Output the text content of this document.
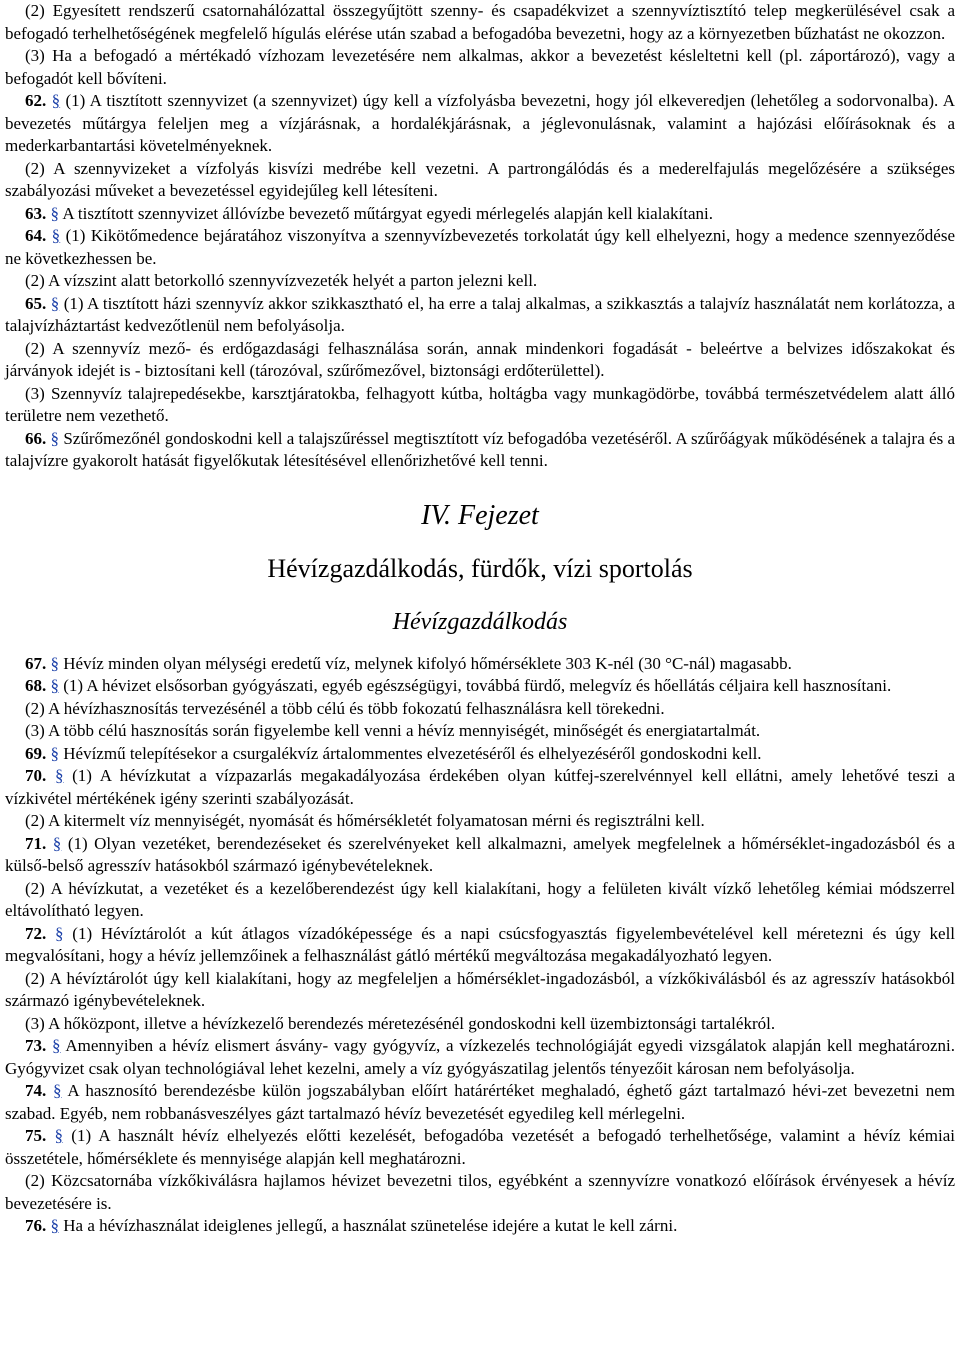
(2) Egyesített rendszerű csatornahálózattal összegyűjtött szenny- és csapadékvizet a szennyvíztisztító telep megkerülésével csak a befogadó terhelhetőségének megfelelő hígulás elérése után szabad a befogadóba bevezetni, hogy az a környezetben bűzhatást ne okozzon.

(3) Ha a befogadó a mértékadó vízhozam levezetésére nem alkalmas, akkor a bevezetést késleltetni kell (pl. záportározó), vagy a befogadót kell bővíteni.

62. § (1) A tisztított szennyvizet (a szennyvizet) úgy kell a vízfolyásba bevezetni, hogy jól elkeveredjen (lehetőleg a sodorvonalba). A bevezetés műtárgya feleljen meg a vízjárásnak, a hordalékjárásnak, a jéglevonulásnak, valamint a hajózási előírásoknak és a mederkarbantartási követelményeknek.

(2) A szennyvizeket a vízfolyás kisvízi medrébe kell vezetni. A partrongálódás és a mederelfajulás megelőzésére a szükséges szabályozási műveket a bevezetéssel egyidejűleg kell létesíteni.

63. § A tisztított szennyvizet állóvízbe bevezető műtárgyat egyedi mérlegelés alapján kell kialakítani.

64. § (1) Kikötőmedence bejáratához viszonyítva a szennyvízbevezetés torkolatát úgy kell elhelyezni, hogy a medence szennyeződése ne következhessen be.

(2) A vízszint alatt betorkolló szennyvízvezeték helyét a parton jelezni kell.

65. § (1) A tisztított házi szennyvíz akkor szikkasztható el, ha erre a talaj alkalmas, a szikkasztás a talajvíz használatát nem korlátozza, a talajvízháztartást kedvezőtlenül nem befolyásolja.

(2) A szennyvíz mező- és erdőgazdasági felhasználása során, annak mindenkori fogadását - beleértve a belvizes időszakokat és járványok idejét is - biztosítani kell (tározóval, szűrőmezővel, biztonsági erdőterülettel).

(3) Szennyvíz talajrepedésekbe, karsztjáratokba, felhagyott kútba, holtágba vagy munkagödörbe, továbbá természetvédelem alatt álló területre nem vezethető.

66. § Szűrőmezőnél gondoskodni kell a talajszűréssel megtisztított víz befogadóba vezetéséről. A szűrőágyak működésének a talajra és a talajvízre gyakorolt hatását figyelőkutak létesítésével ellenőrizhetővé kell tenni.

IV. Fejezet
Hévízgazdálkodás, fürdők, vízi sportolás
Hévízgazdálkodás

67. § Hévíz minden olyan mélységi eredetű víz, melynek kifolyó hőmérséklete 303 K-nél (30 °C-nál) magasabb.

68. § (1) A hévizet elsősorban gyógyászati, egyéb egészségügyi, továbbá fürdő, melegvíz és hőellátás céljaira kell hasznosítani.

(2) A hévízhasznosítás tervezésénél a több célú és több fokozatú felhasználásra kell törekedni.

(3) A több célú hasznosítás során figyelembe kell venni a hévíz mennyiségét, minőségét és energiatartalmát.

69. § Hévízmű telepítésekor a csurgalékvíz ártalommentes elvezetéséről és elhelyezéséről gondoskodni kell.

70. § (1) A hévízkutat a vízpazarlás megakadályozása érdekében olyan kútfej-szerelvénnyel kell ellátni, amely lehetővé teszi a vízkivétel mértékének igény szerinti szabályozását.

(2) A kitermelt víz mennyiségét, nyomását és hőmérsékletét folyamatosan mérni és regisztrálni kell.

71. § (1) Olyan vezetéket, berendezéseket és szerelvényeket kell alkalmazni, amelyek megfelelnek a hőmérséklet-ingadozásból és a külső-belső agresszív hatásokból származó igénybevételeknek.

(2) A hévízkutat, a vezetéket és a kezelőberendezést úgy kell kialakítani, hogy a felületen kivált vízkő lehetőleg kémiai módszerrel eltávolítható legyen.

72. § (1) Hévíztárolót a kút átlagos vízadóképessége és a napi csúcsfogyasztás figyelembevételével kell méretezni és úgy kell megvalósítani, hogy a hévíz jellemzőinek a felhasználást gátló mértékű megváltozása megakadályozható legyen.

(2) A hévíztárolót úgy kell kialakítani, hogy az megfeleljen a hőmérséklet-ingadozásból, a vízkőkiválásból és az agresszív hatásokból származó igénybevételeknek.

(3) A hőközpont, illetve a hévízkezelő berendezés méretezésénél gondoskodni kell üzembiztonsági tartalékról.

73. § Amennyiben a hévíz elismert ásvány- vagy gyógyvíz, a vízkezelés technológiáját egyedi vizsgálatok alapján kell meghatározni. Gyógyvizet csak olyan technológiával lehet kezelni, amely a víz gyógyászatilag jelentős tényezőit károsan nem befolyásolja.

74. § A hasznosító berendezésbe külön jogszabályban előírt határértéket meghaladó, éghető gázt tartalmazó hévi-zet bevezetni nem szabad. Egyéb, nem robbanásveszélyes gázt tartalmazó hévíz bevezetését egyedileg kell mérlegelni.

75. § (1) A használt hévíz elhelyezés előtti kezelését, befogadóba vezetését a befogadó terhelhetősége, valamint a hévíz kémiai összetétele, hőmérséklete és mennyisége alapján kell meghatározni.

(2) Közcsatornába vízkőkiválásra hajlamos hévizet bevezetni tilos, egyébként a szennyvízre vonatkozó előírások érvényesek a hévíz bevezetésére is.

76. § Ha a hévízhasználat ideiglenes jellegű, a használat szünetelése idejére a kutat le kell zárni.
